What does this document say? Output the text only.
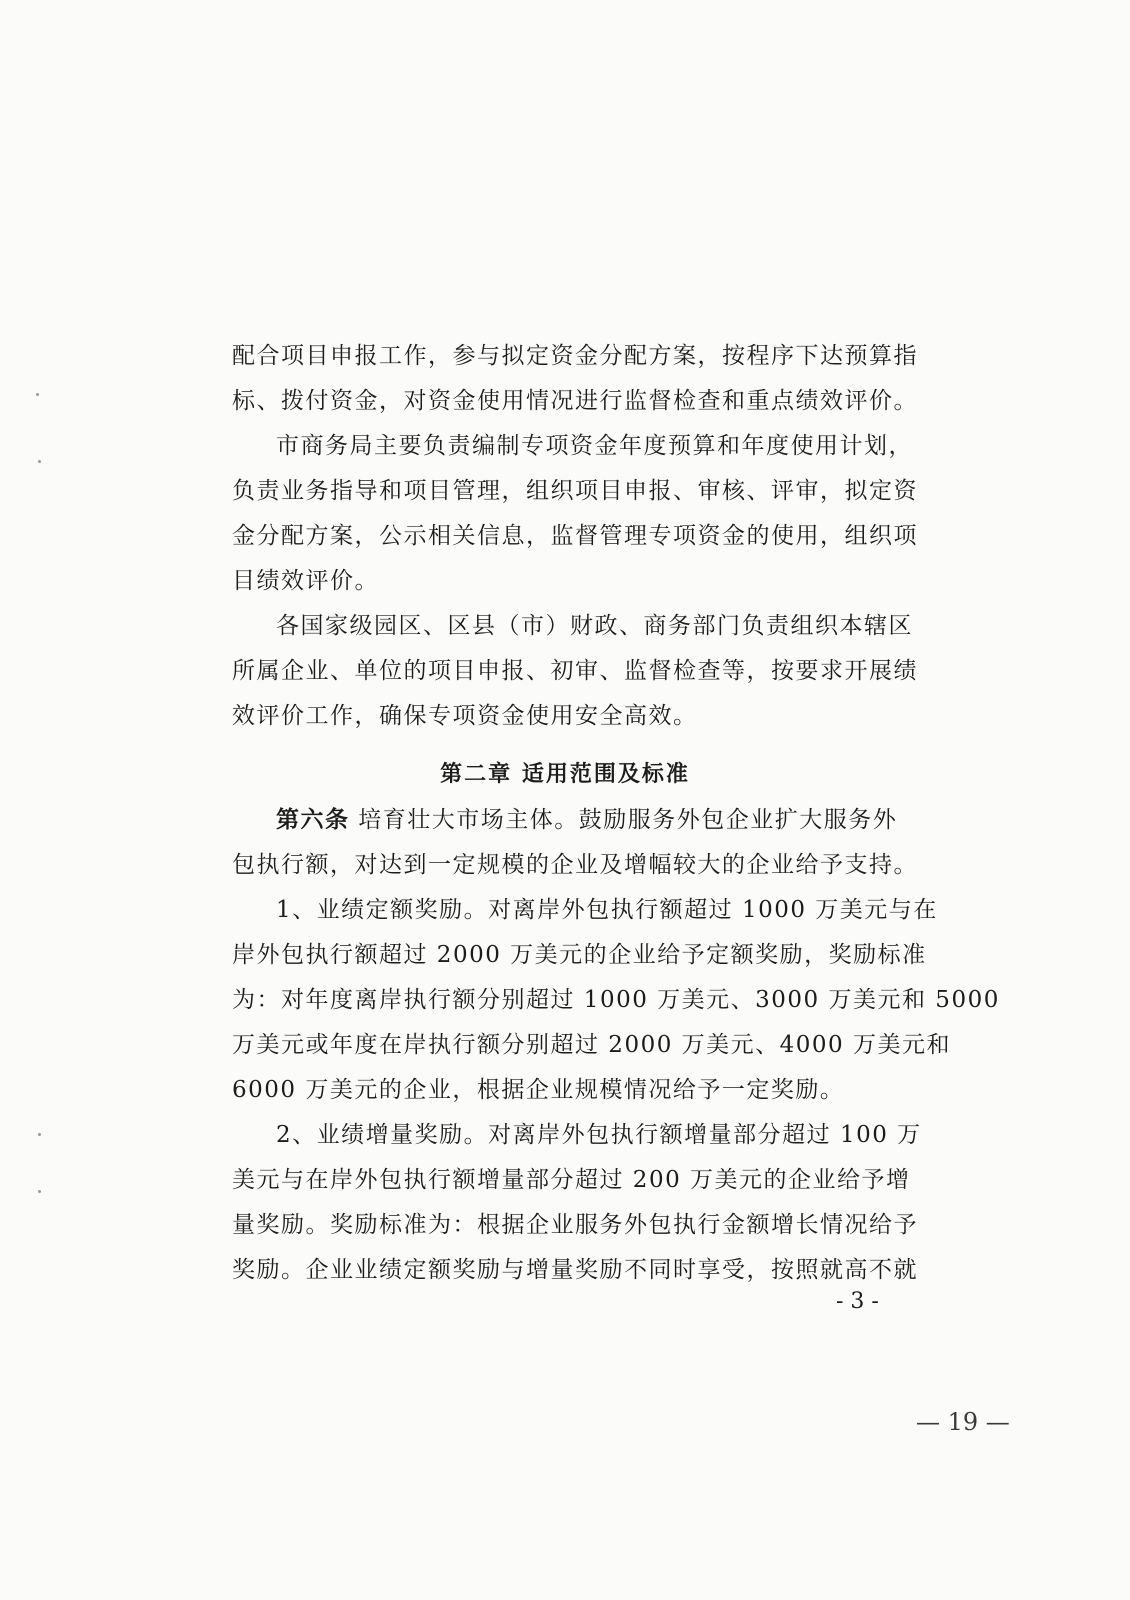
配合项目申报工作，参与拟定资金分配方案，按程序下达预算指
标、拨付资金，对资金使用情况进行监督检查和重点绩效评价。
市商务局主要负责编制专项资金年度预算和年度使用计划，
负责业务指导和项目管理，组织项目申报、审核、评审，拟定资
金分配方案，公示相关信息，监督管理专项资金的使用，组织项
目绩效评价。
各国家级园区、区县（市）财政、商务部门负责组织本辖区
所属企业、单位的项目申报、初审、监督检查等，按要求开展绩
效评价工作，确保专项资金使用安全高效。
第二章 适用范围及标准
第六条 培育壮大市场主体。鼓励服务外包企业扩大服务外
包执行额，对达到一定规模的企业及增幅较大的企业给予支持。
1、业绩定额奖励。对离岸外包执行额超过 1000 万美元与在
岸外包执行额超过 2000 万美元的企业给予定额奖励，奖励标准
为：对年度离岸执行额分别超过 1000 万美元、3000 万美元和 5000
万美元或年度在岸执行额分别超过 2000 万美元、4000 万美元和
6000 万美元的企业，根据企业规模情况给予一定奖励。
2、业绩增量奖励。对离岸外包执行额增量部分超过 100 万
美元与在岸外包执行额增量部分超过 200 万美元的企业给予增
量奖励。奖励标准为：根据企业服务外包执行金额增长情况给予
奖励。企业业绩定额奖励与增量奖励不同时享受，按照就高不就
- 3 -
— 19 —
